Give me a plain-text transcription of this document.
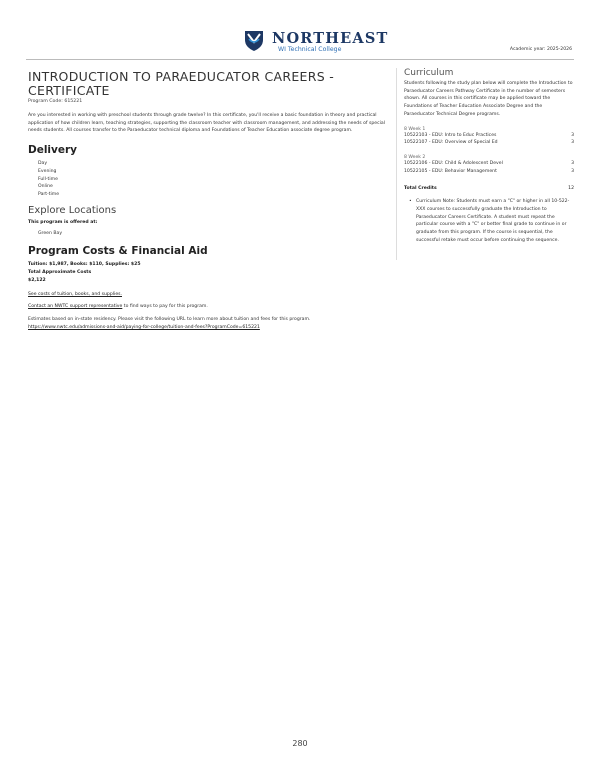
NORTHEAST
WI Technical College	Academic year: 2025-2026
INTRODUCTION TO PARAEDUCATOR CAREERS - CERTIFICATE
Program Code: 615221
Are you interested in working with preschool students through grade twelve? In this certificate, you'll receive a basic foundation in theory and practical application of how children learn, teaching strategies, supporting the classroom teacher with classroom management, and addressing the needs of special needs students. All courses transfer to the Paraeducator technical diploma and Foundations of Teacher Education associate degree program.
Delivery
Day
Evening
Full-time
Online
Part-time
Explore Locations
This program is offered at:
Green Bay
Program Costs & Financial Aid
Tuition: $1,987, Books: $110, Supplies: $25
Total Approximate Costs
$2,122
See costs of tuition, books, and supplies.
Contact an NWTC support representative to find ways to pay for this program.
Estimates based on in-state residency. Please visit the following URL to learn more about tuition and fees for this program.
https://www.nwtc.edu/admissions-and-aid/paying-for-college/tuition-and-fees?ProgramCode=615221
Curriculum
Students following the study plan below will complete the Introduction to Paraeducator Careers Pathway Certificate in the number of semesters shown. All courses in this certificate may be applied toward the Foundations of Teacher Education Associate Degree and the Paraeducator Technical Degree programs.
8 Week 1
10522103 - EDU: Intro to Educ Practices	3
10522107 - EDU: Overview of Special Ed	3
8 Week 2
10522106 - EDU: Child & Adolescent Devel	3
10522105 - EDU: Behavior Management	3
Total Credits	12
• Curriculum Note: Students must earn a "C" or higher in all 10-522-XXX courses to successfully graduate the Introduction to Paraeducator Careers Certificate. A student must repeat the particular course with a "C" or better final grade to continue in or graduate from this program. If the course is sequential, the successful retake must occur before continuing the sequence.
280
